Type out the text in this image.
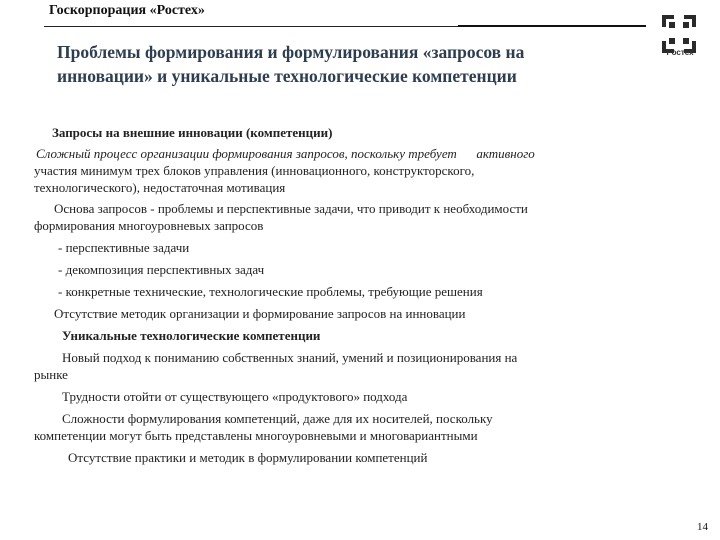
Госкорпорация «Ростех»
Ростех
Проблемы формирования и формулирования «запросов на
инновации» и уникальные технологические компетенции

Запросы на внешние инновации (компетенции)

Сложный процесс организации формирования запросов, поскольку требует      активного

участия минимум трех блоков управления (инновационного, конструкторского,

технологического), недостаточная мотивация

Основа запросов - проблемы и перспективные задачи, что приводит к необходимости

формирования многоуровневых запросов

- перспективные задачи

- декомпозиция перспективных задач

- конкретные технические, технологические проблемы, требующие решения

Отсутствие методик организации и формирование запросов на инновации

Уникальные технологические компетенции

Новый подход к пониманию собственных знаний, умений и позиционирования на

рынке

Трудности отойти от существующего «продуктового» подхода

Сложности формулирования компетенций, даже для их носителей, поскольку

компетенции могут быть представлены многоуровневыми и многовариантными

Отсутствие практики и методик в формулировании компетенций

14
